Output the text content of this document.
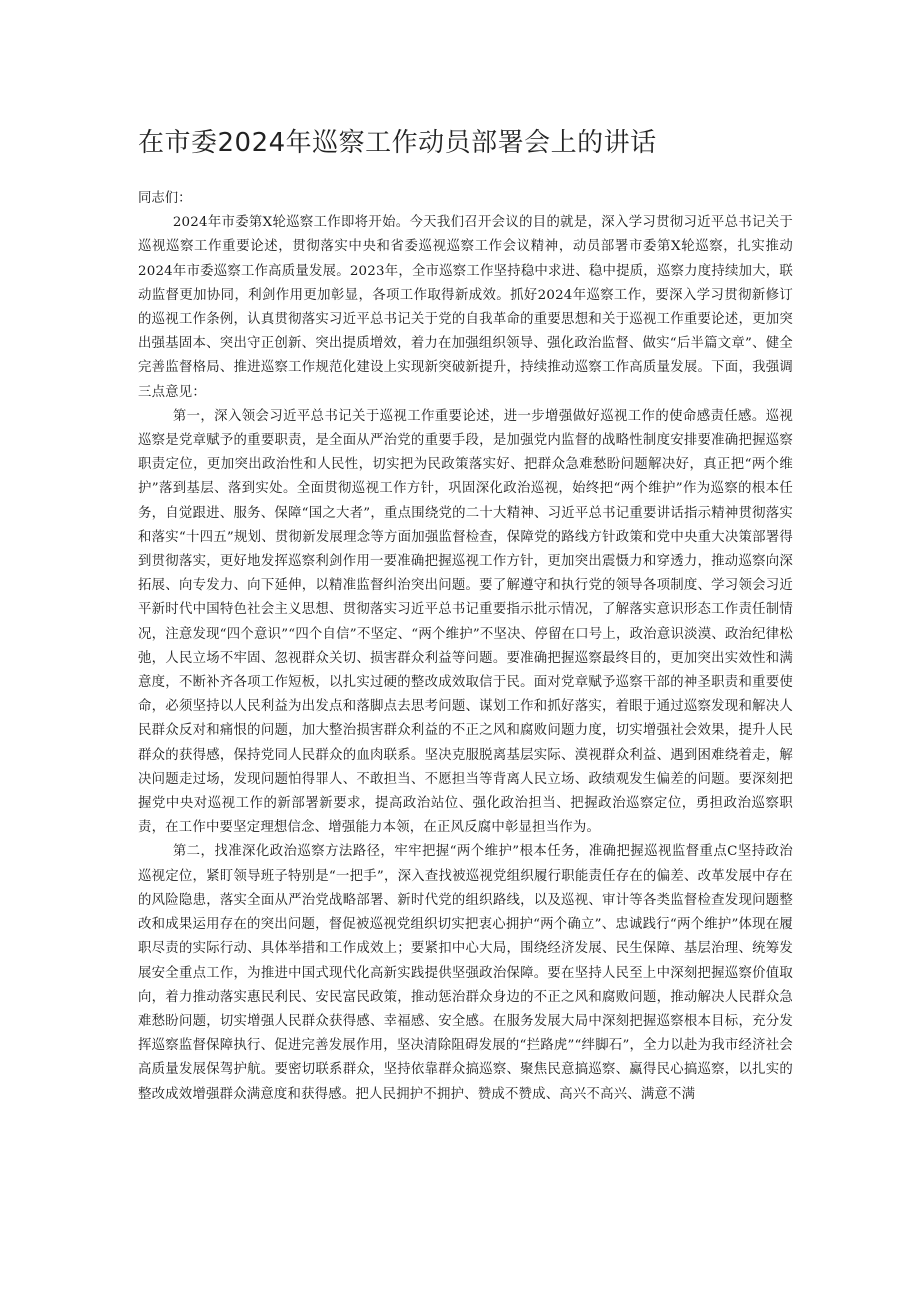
在市委2024年巡察工作动员部署会上的讲话

同志们：

2024年市委第X轮巡察工作即将开始。今天我们召开会议的目的就是，深入学习贯彻习近平总书记关于巡视巡察工作重要论述，贯彻落实中央和省委巡视巡察工作会议精神，动员部署市委第X轮巡察，扎实推动2024年市委巡察工作高质量发展。2023年，全市巡察工作坚持稳中求进、稳中提质，巡察力度持续加大，联动监督更加协同，利剑作用更加彰显，各项工作取得新成效。抓好2024年巡察工作，要深入学习贯彻新修订的巡视工作条例，认真贯彻落实习近平总书记关于党的自我革命的重要思想和关于巡视工作重要论述，更加突出强基固本、突出守正创新、突出提质增效，着力在加强组织领导、强化政治监督、做实“后半篇文章”、健全完善监督格局、推进巡察工作规范化建设上实现新突破新提升，持续推动巡察工作高质量发展。下面，我强调三点意见：

第一，深入领会习近平总书记关于巡视工作重要论述，进一步增强做好巡视工作的使命感责任感。巡视巡察是党章赋予的重要职责，是全面从严治党的重要手段，是加强党内监督的战略性制度安排要准确把握巡察职责定位，更加突出政治性和人民性，切实把为民政策落实好、把群众急难愁盼问题解决好，真正把“两个维护”落到基层、落到实处。全面贯彻巡视工作方针，巩固深化政治巡视，始终把“两个维护”作为巡察的根本任务，自觉跟进、服务、保障“国之大者”，重点围绕党的二十大精神、习近平总书记重要讲话指示精神贯彻落实和落实“十四五”规划、贯彻新发展理念等方面加强监督检查，保障党的路线方针政策和党中央重大决策部署得到贯彻落实，更好地发挥巡察利剑作用一要准确把握巡视工作方针，更加突出震慑力和穿透力，推动巡察向深拓展、向专发力、向下延伸，以精准监督纠治突出问题。要了解遵守和执行党的领导各项制度、学习领会习近平新时代中国特色社会主义思想、贯彻落实习近平总书记重要指示批示情况，了解落实意识形态工作责任制情况，注意发现“四个意识”“四个自信”不坚定、“两个维护”不坚决、停留在口号上，政治意识淡漠、政治纪律松弛，人民立场不牢固、忽视群众关切、损害群众利益等问题。要准确把握巡察最终目的，更加突出实效性和满意度，不断补齐各项工作短板，以扎实过硬的整改成效取信于民。面对党章赋予巡察干部的神圣职责和重要使命，必须坚持以人民利益为出发点和落脚点去思考问题、谋划工作和抓好落实，着眼于通过巡察发现和解决人民群众反对和痛恨的问题，加大整治损害群众利益的不正之风和腐败问题力度，切实增强社会效果，提升人民群众的获得感，保持党同人民群众的血肉联系。坚决克服脱离基层实际、漠视群众利益、遇到困难绕着走，解决问题走过场，发现问题怕得罪人、不敢担当、不愿担当等背离人民立场、政绩观发生偏差的问题。要深刻把握党中央对巡视工作的新部署新要求，提高政治站位、强化政治担当、把握政治巡察定位，勇担政治巡察职责，在工作中要坚定理想信念、增强能力本领，在正风反腐中彰显担当作为。

第二，找准深化政治巡察方法路径，牢牢把握“两个维护”根本任务，准确把握巡视监督重点C坚持政治巡视定位，紧盯领导班子特别是“一把手”，深入查找被巡视党组织履行职能责任存在的偏差、改革发展中存在的风险隐患，落实全面从严治党战略部署、新时代党的组织路线，以及巡视、审计等各类监督检查发现问题整改和成果运用存在的突出问题，督促被巡视党组织切实把衷心拥护“两个确立”、忠诚践行“两个维护”体现在履职尽责的实际行动、具体举措和工作成效上；要紧扣中心大局，围绕经济发展、民生保障、基层治理、统筹发展安全重点工作，为推进中国式现代化高新实践提供坚强政治保障。要在坚持人民至上中深刻把握巡察价值取向，着力推动落实惠民利民、安民富民政策，推动惩治群众身边的不正之风和腐败问题，推动解决人民群众急难愁盼问题，切实增强人民群众获得感、幸福感、安全感。在服务发展大局中深刻把握巡察根本目标，充分发挥巡察监督保障执行、促进完善发展作用，坚决清除阻碍发展的“拦路虎”“绊脚石”，全力以赴为我市经济社会高质量发展保驾护航。要密切联系群众，坚持依靠群众搞巡察、聚焦民意搞巡察、赢得民心搞巡察，以扎实的整改成效增强群众满意度和获得感。把人民拥护不拥护、赞成不赞成、高兴不高兴、满意不满
